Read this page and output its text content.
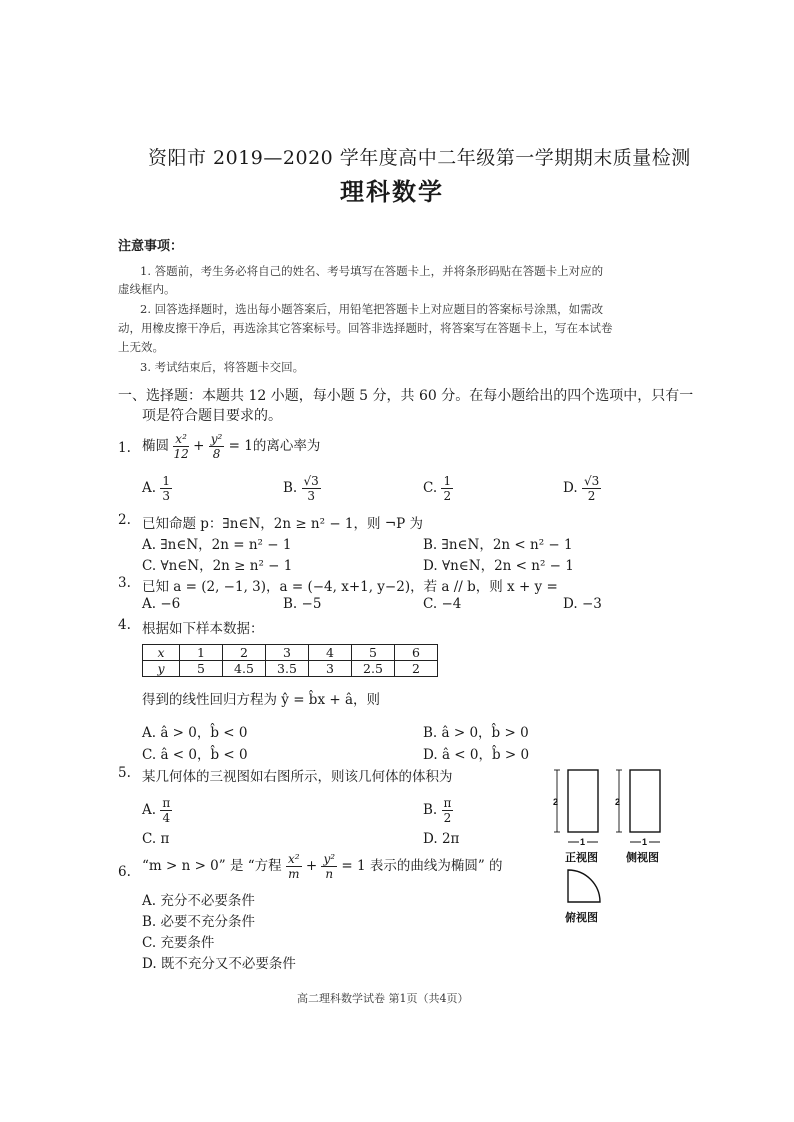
资阳市 2019—2020 学年度高中二年级第一学期期末质量检测
理科数学
注意事项：
1. 答题前，考生务必将自己的姓名、考号填写在答题卡上，并将条形码贴在答题卡上对应的
虚线框内。
2. 回答选择题时，选出每小题答案后，用铅笔把答题卡上对应题目的答案标号涂黑，如需改
动，用橡皮擦干净后，再选涂其它答案标号。回答非选择题时，将答案写在答题卡上，写在本试卷
上无效。
3. 考试结束后，将答题卡交回。
一、选择题：本题共 12 小题，每小题 5 分，共 60 分。在每小题给出的四个选项中，只有一
项是符合题目要求的。
1. 椭圆 $\frac{\text{x²}}{12} + \frac{\text{y²}}{8} = 1$的离心率为
A. $\frac{1}{3}$	B. $\frac{√3}{3}$	C. $\frac{1}{2}$	D. $\frac{√3}{2}$
2. 已知命题 p：∃n∈N，2n ≥ n² − 1，则 ¬P 为
A. ∃n∈N，2n = n² − 1	B. ∃n∈N，2n < n² − 1
C. ∀n∈N，2n ≥ n² − 1	D. ∀n∈N，2n < n² − 1
3. 已知 a = (2, −1, 3)，a = (−4, x+1, y−2)，若 a // b，则 x + y =
A. −6	B. −5	C. −4	D. −3
4. 根据如下样本数据：
x	1	2	3	4	5	6
y	5	4.5	3.5	3	2.5	2
得到的线性回归方程为 ŷ = b̂x + â，则
A. â > 0，b̂ < 0	B. â > 0，b̂ > 0
C. â < 0，b̂ < 0	D. â < 0，b̂ > 0
5. 某几何体的三视图如右图所示，则该几何体的体积为
A. $\frac{\pi}{4}$	B. $\frac{\pi}{2}$
C. π	D. 2π
2
1
正视图
2
1
侧视图
俯视图
6. “m > n > 0” 是 “方程 $\frac{\text{x²}}{m} + \frac{\text{y²}}{n} = 1$ 表示的曲线为椭圆” 的
A. 充分不必要条件
B. 必要不充分条件
C. 充要条件
D. 既不充分又不必要条件
高二理科数学试卷 第1页（共4页）
